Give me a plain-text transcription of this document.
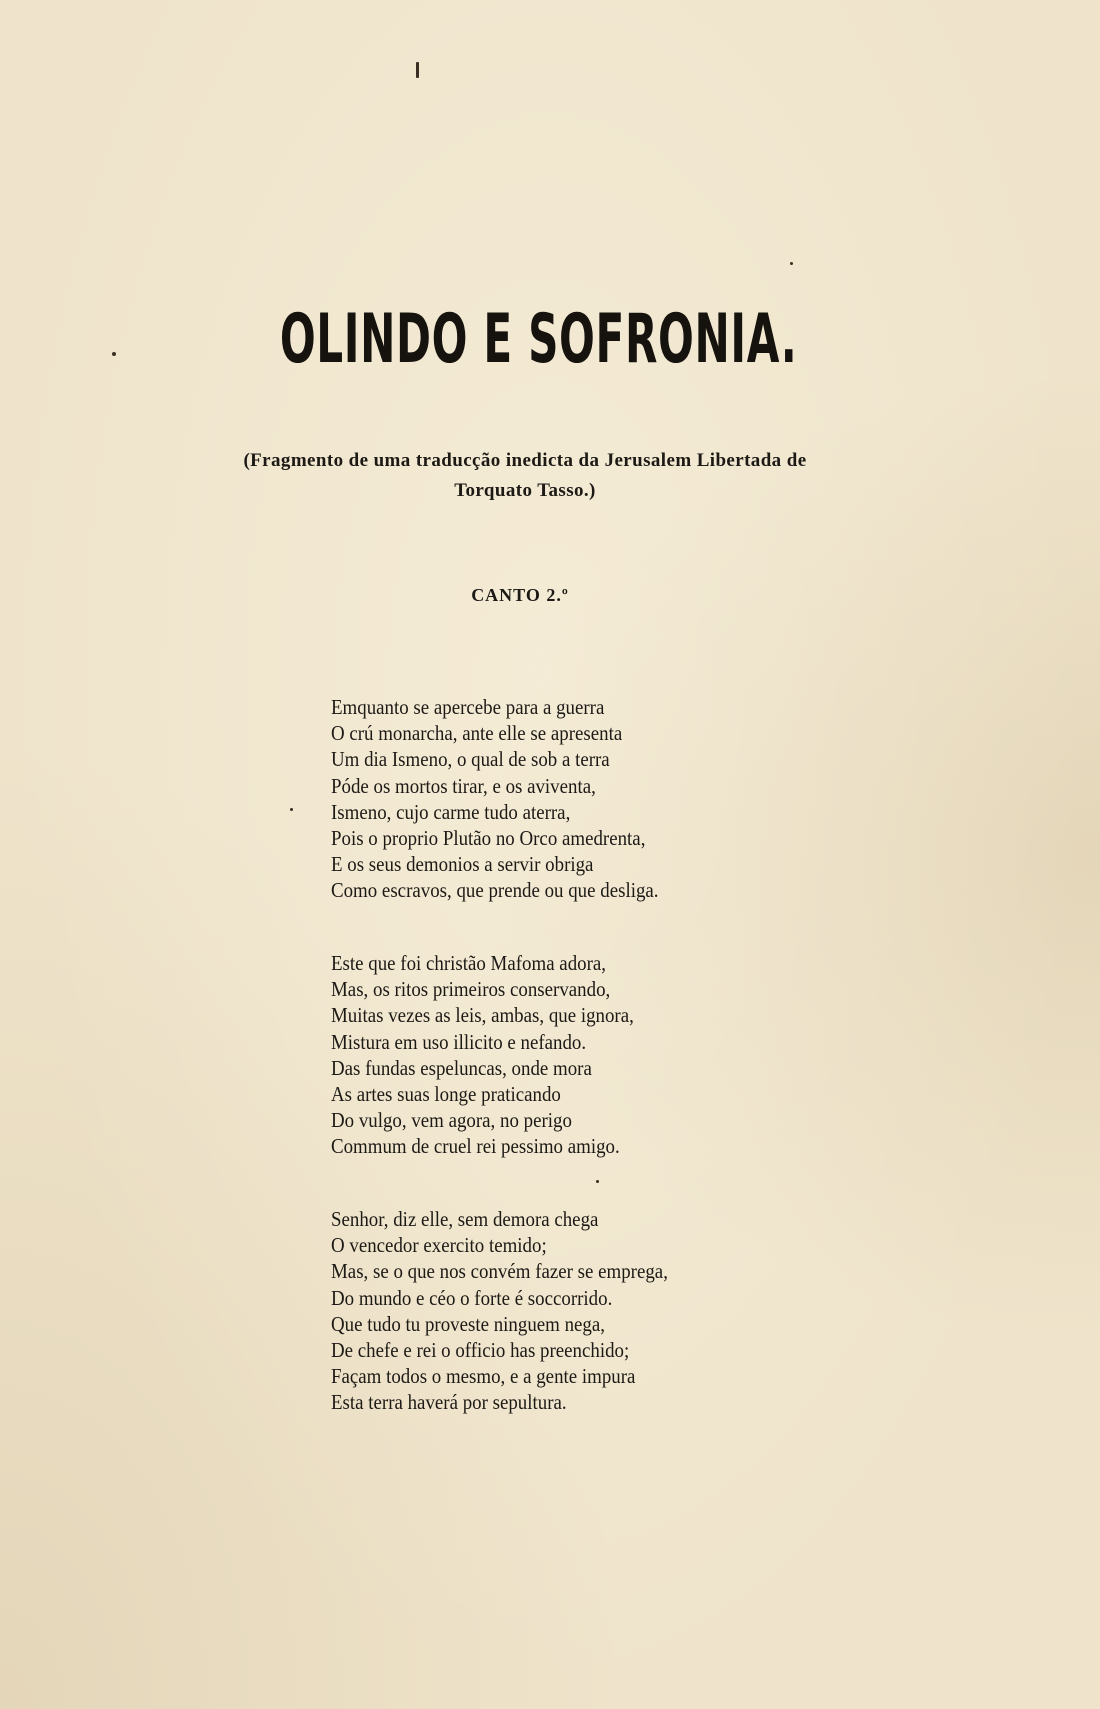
OLINDO E SOFRONIA.
(Fragmento de uma traducção inedicta da Jerusalem Libertada de
Torquato Tasso.)
CANTO 2.º
Emquanto se apercebe para a guerra
O crú monarcha, ante elle se apresenta
Um dia Ismeno, o qual de sob a terra
Póde os mortos tirar, e os aviventa,
Ismeno, cujo carme tudo aterra,
Pois o proprio Plutão no Orco amedrenta,
E os seus demonios a servir obriga
Como escravos, que prende ou que desliga.
Este que foi christão Mafoma adora,
Mas, os ritos primeiros conservando,
Muitas vezes as leis, ambas, que ignora,
Mistura em uso illicito e nefando.
Das fundas espeluncas, onde mora
As artes suas longe praticando
Do vulgo, vem agora, no perigo
Commum de cruel rei pessimo amigo.
Senhor, diz elle, sem demora chega
O vencedor exercito temido;
Mas, se o que nos convém fazer se emprega,
Do mundo e céo o forte é soccorrido.
Que tudo tu proveste ninguem nega,
De chefe e rei o officio has preenchido;
Façam todos o mesmo, e a gente impura
Esta terra haverá por sepultura.
